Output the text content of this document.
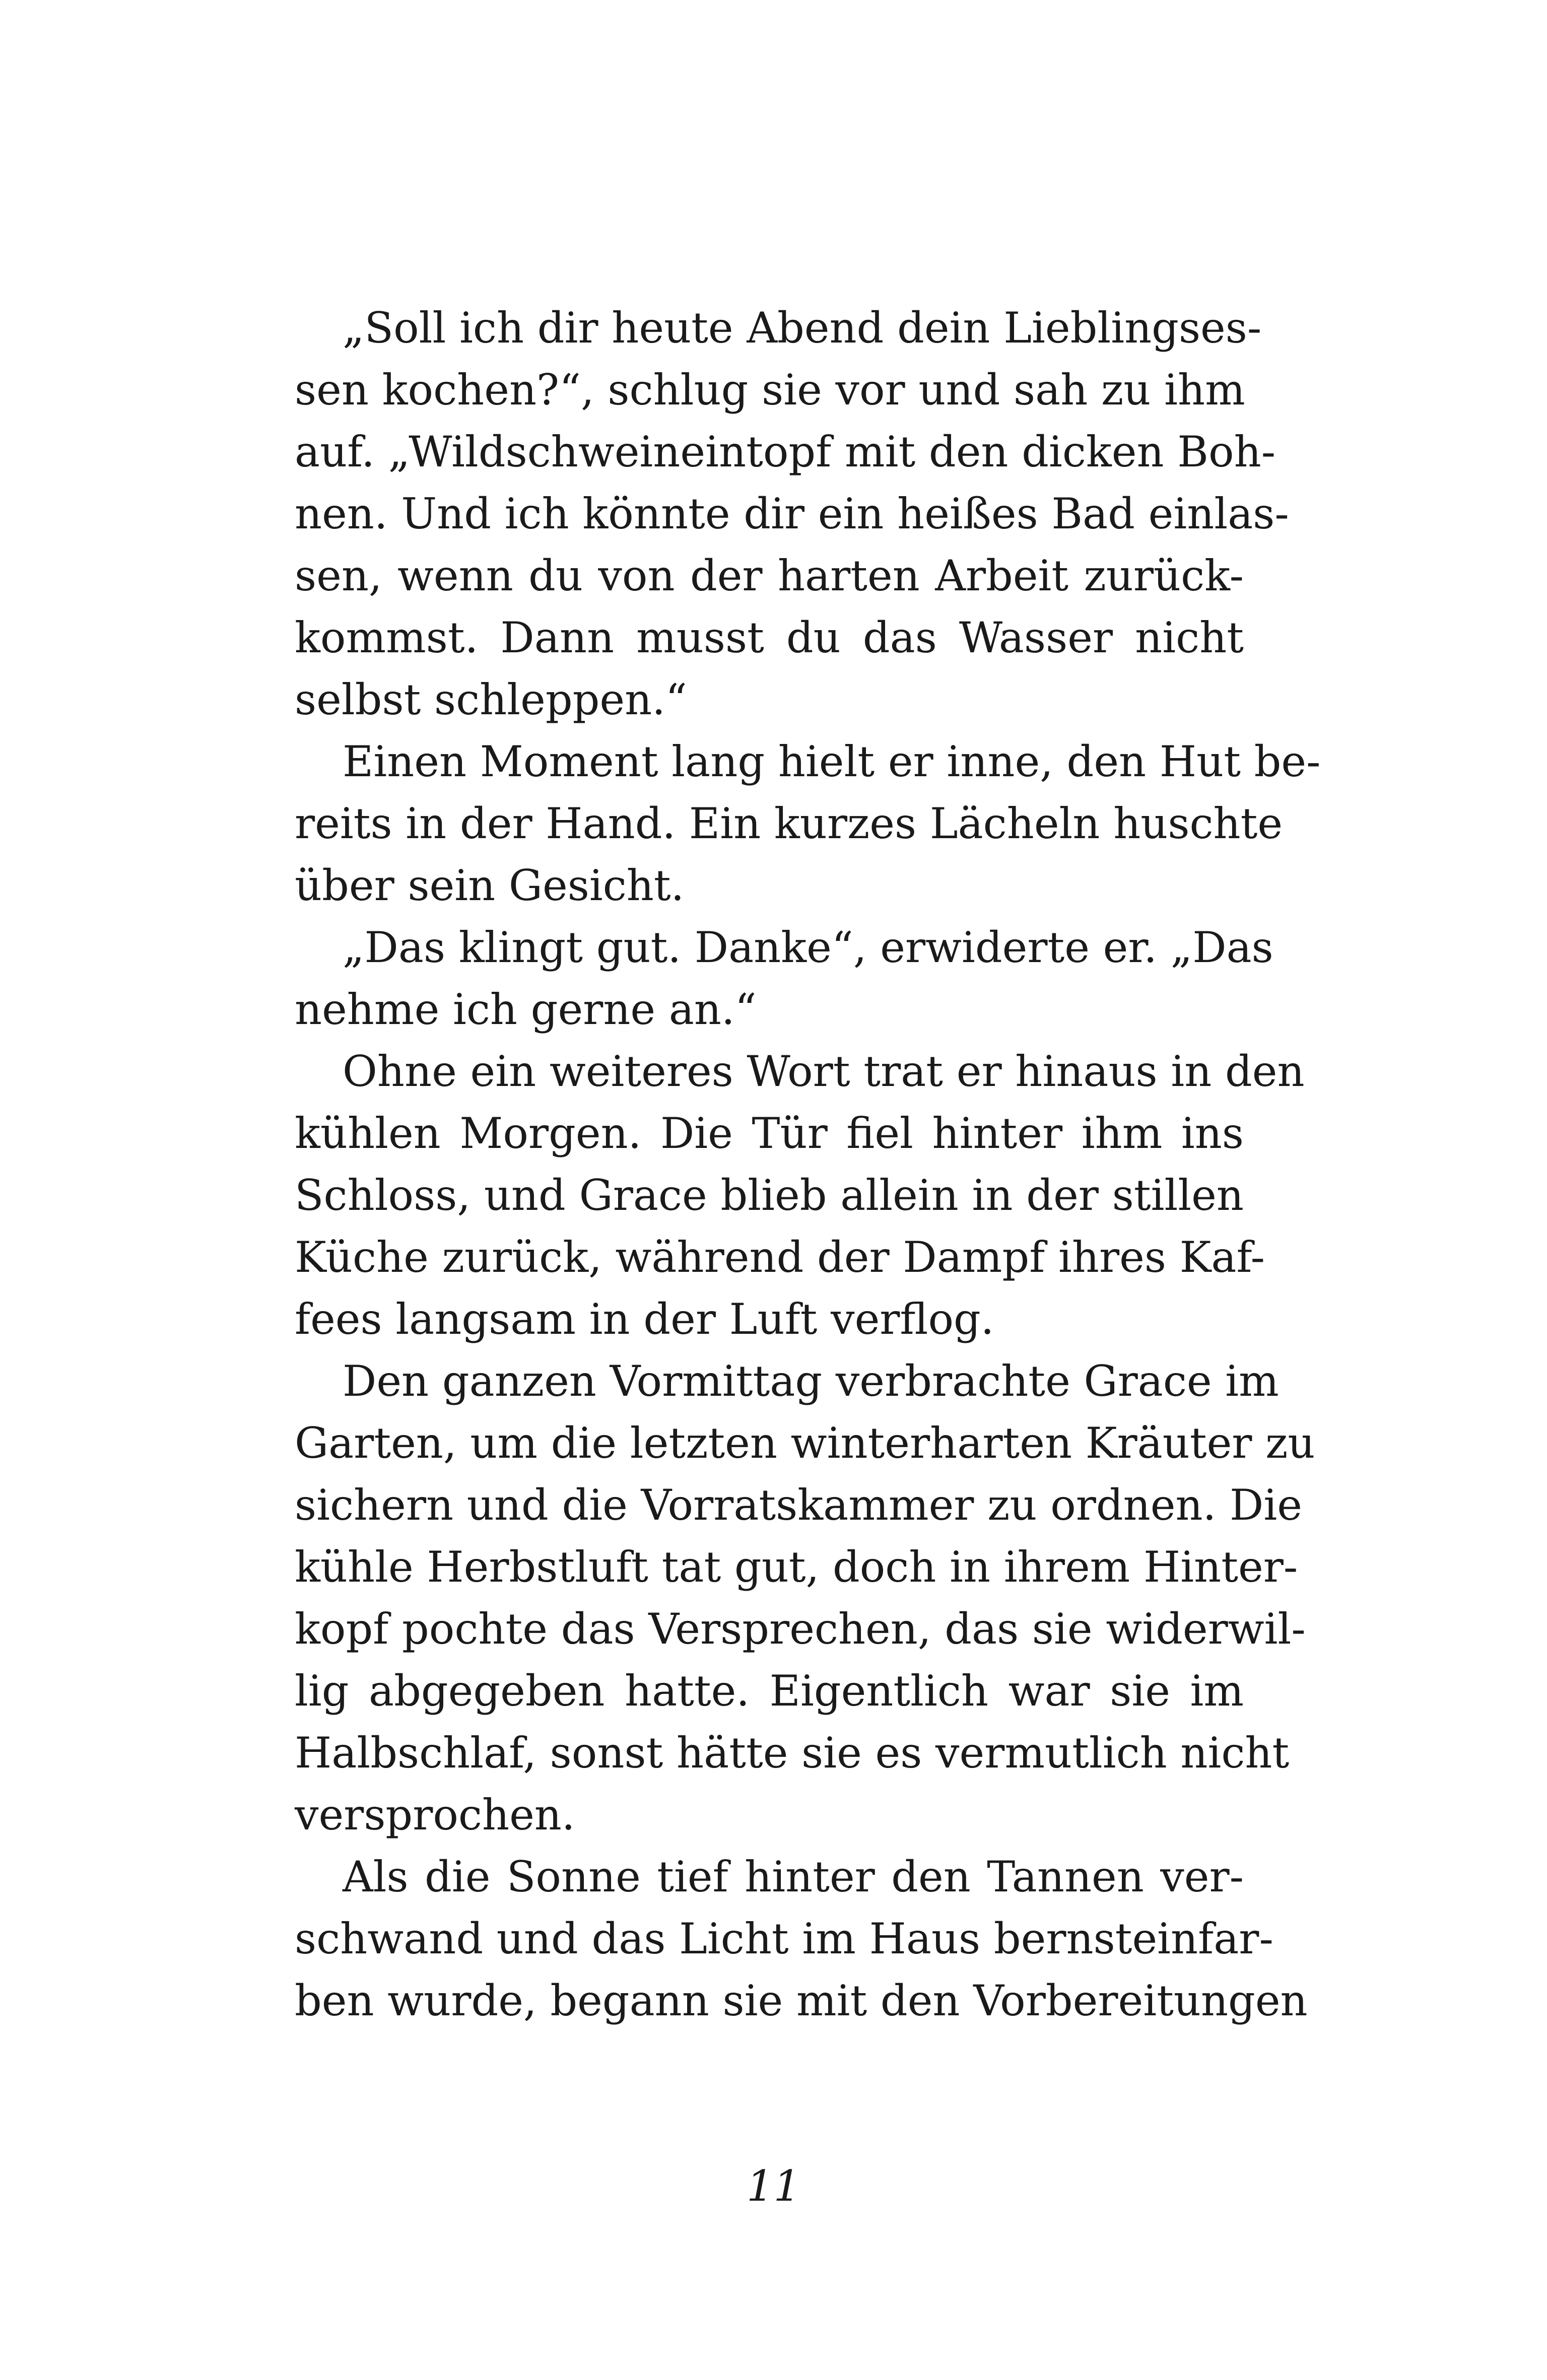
„Soll ich dir heute Abend dein Lieblingses-
sen kochen?“, schlug sie vor und sah zu ihm
auf. „Wildschweineintopf mit den dicken Boh-
nen. Und ich könnte dir ein heißes Bad einlas-
sen, wenn du von der harten Arbeit zurück-
kommst. Dann musst du das Wasser nicht
selbst schleppen.“
Einen Moment lang hielt er inne, den Hut be-
reits in der Hand. Ein kurzes Lächeln huschte
über sein Gesicht.
„Das klingt gut. Danke“, erwiderte er. „Das
nehme ich gerne an.“
Ohne ein weiteres Wort trat er hinaus in den
kühlen Morgen. Die Tür fiel hinter ihm ins
Schloss, und Grace blieb allein in der stillen
Küche zurück, während der Dampf ihres Kaf-
fees langsam in der Luft verflog.
Den ganzen Vormittag verbrachte Grace im
Garten, um die letzten winterharten Kräuter zu
sichern und die Vorratskammer zu ordnen. Die
kühle Herbstluft tat gut, doch in ihrem Hinter-
kopf pochte das Versprechen, das sie widerwil-
lig abgegeben hatte. Eigentlich war sie im
Halbschlaf, sonst hätte sie es vermutlich nicht
versprochen.
Als die Sonne tief hinter den Tannen ver-
schwand und das Licht im Haus bernsteinfar-
ben wurde, begann sie mit den Vorbereitungen
11
